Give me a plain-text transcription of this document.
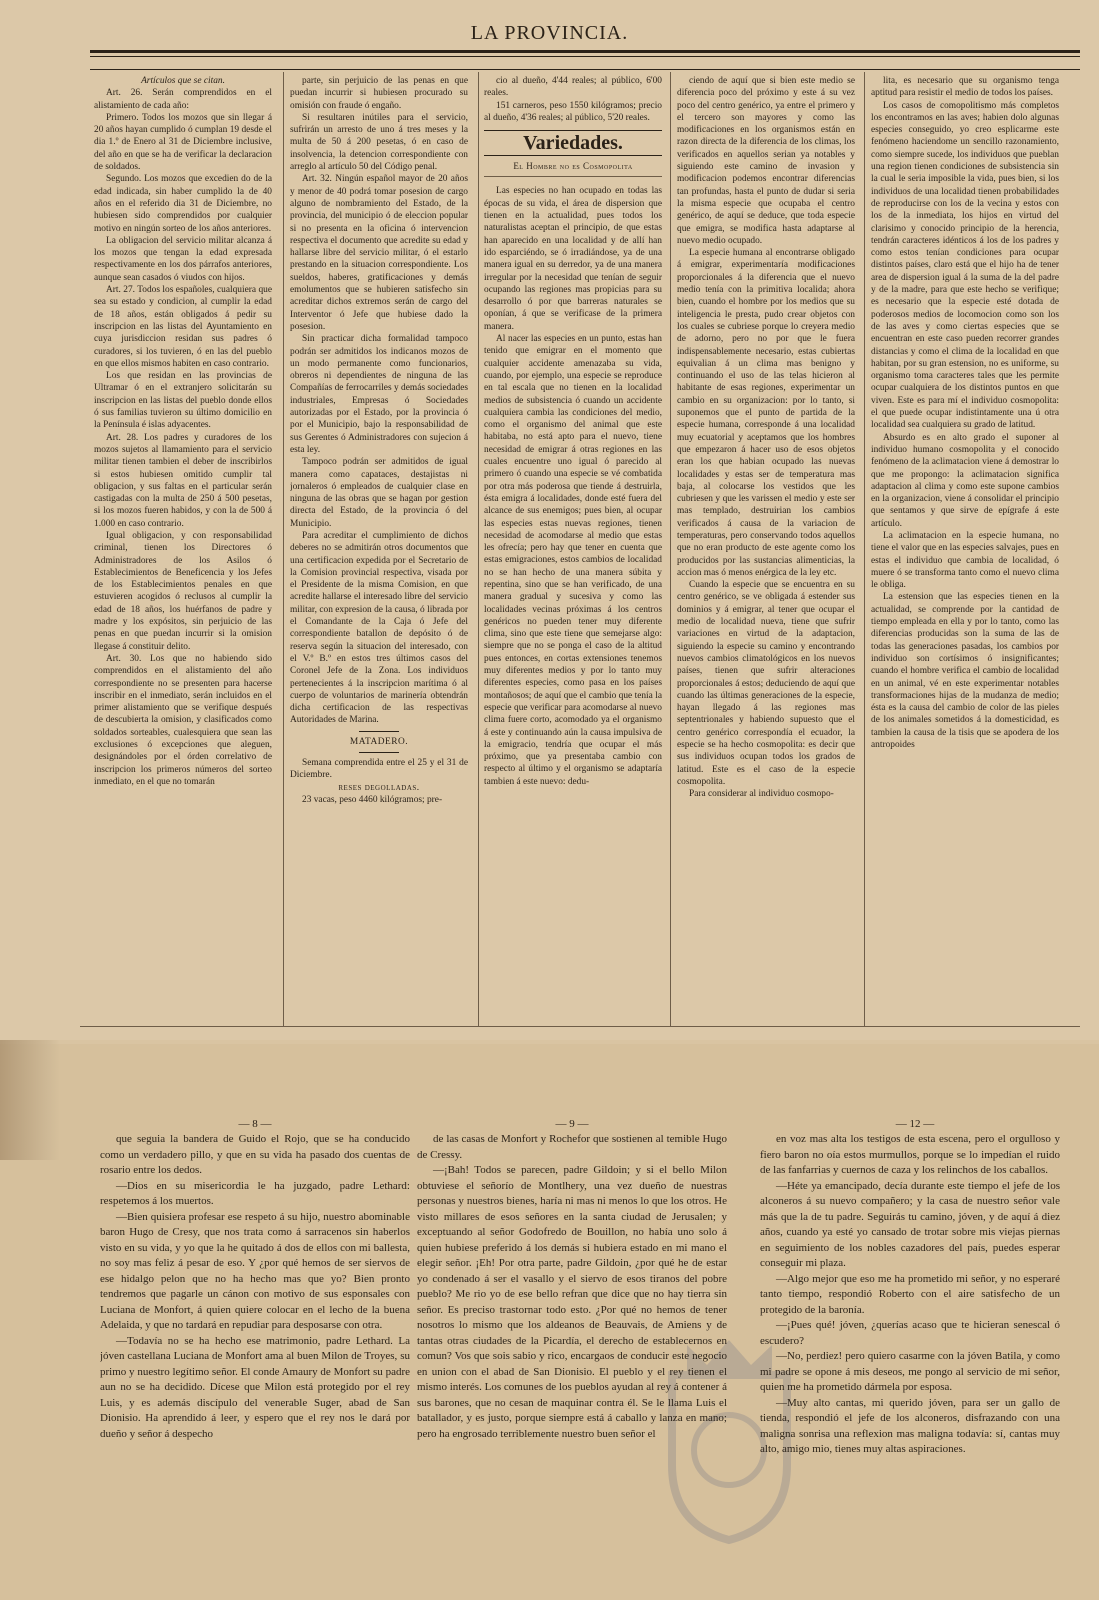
LA PROVINCIA.

Artículos que se citan.

Art. 26. Serán comprendidos en el alistamiento de cada año:

Primero. Todos los mozos que sin llegar á 20 años hayan cumplido ó cumplan 19 desde el dia 1.º de Enero al 31 de Diciembre inclusive, del año en que se ha de verificar la declaracion de soldados.

Segundo. Los mozos que excedien do de la edad indicada, sin haber cumplido la de 40 años en el referido dia 31 de Diciembre, no hubiesen sido comprendidos por cualquier motivo en ningún sorteo de los años anteriores.

La obligacion del servicio militar alcanza á los mozos que tengan la edad expresada respectivamente en los dos párrafos anteriores, aunque sean casados ó viudos con hijos.

Art. 27. Todos los españoles, cualquiera que sea su estado y condicion, al cumplir la edad de 18 años, están obligados á pedir su inscripcion en las listas del Ayuntamiento en cuya jurisdiccion residan sus padres ó curadores, si los tuvieren, ó en las del pueblo en que ellos mismos habiten en caso contrario.

Los que residan en las provincias de Ultramar ó en el extranjero solicitarán su inscripcion en las listas del pueblo donde ellos ó sus familias tuvieron su último domicilio en la Península é islas adyacentes.

Art. 28. Los padres y curadores de los mozos sujetos al llamamiento para el servicio militar tienen tambien el deber de inscribirlos si estos hubiesen omitido cumplir tal obligacion, y sus faltas en el particular serán castigadas con la multa de 250 á 500 pesetas, si los mozos fueren habidos, y con la de 500 á 1.000 en caso contrario.

Igual obligacion, y con responsabilidad criminal, tienen los Directores ó Administradores de los Asilos ó Establecimientos de Beneficencia y los Jefes de los Establecimientos penales en que estuvieren acogidos ó reclusos al cumplir la edad de 18 años, los huérfanos de padre y madre y los expósitos, sin perjuicio de las penas en que puedan incurrir si la omision llegase á constituir delito.

Art. 30. Los que no habiendo sido comprendidos en el alistamiento del año correspondiente no se presenten para hacerse inscribir en el inmediato, serán incluidos en el primer alistamiento que se verifique después de descubierta la omision, y clasificados como soldados sorteables, cualesquiera que sean las exclusiones ó excepciones que aleguen, designándoles por el órden correlativo de inscripcion los primeros números del sorteo inmediato, en el que no tomarán

parte, sin perjuicio de las penas en que puedan incurrir si hubiesen procurado su omisión con fraude ó engaño.

Si resultaren inútiles para el servicio, sufrirán un arresto de uno á tres meses y la multa de 50 á 200 pesetas, ó en caso de insolvencia, la detencion correspondiente con arreglo al artículo 50 del Código penal.

Art. 32. Ningún español mayor de 20 años y menor de 40 podrá tomar posesion de cargo alguno de nombramiento del Estado, de la provincia, del municipio ó de eleccion popular si no presenta en la oficina ó intervencion respectiva el documento que acredite su edad y hallarse libre del servicio militar, ó el estarlo prestando en la situacion correspondiente. Los sueldos, haberes, gratificaciones y demás emolumentos que se hubieren satisfecho sin acreditar dichos extremos serán de cargo del Interventor ó Jefe que hubiese dado la posesion.

Sin practicar dicha formalidad tampoco podrán ser admitidos los indicanos mozos de un modo permanente como funcionarios, obreros ni dependientes de ninguna de las Compañías de ferrocarriles y demás sociedades industriales, Empresas ó Sociedades autorizadas por el Estado, por la provincia ó por el Municipio, bajo la responsabilidad de sus Gerentes ó Administradores con sujecion á esta ley.

Tampoco podrán ser admitidos de igual manera como capataces, destajistas ni jornaleros ó empleados de cualquier clase en ninguna de las obras que se hagan por gestion directa del Estado, de la provincia ó del Municipio.

Para acreditar el cumplimiento de dichos deberes no se admitirán otros documentos que una certificacion expedida por el Secretario de la Comision provincial respectiva, visada por el Presidente de la misma Comision, en que acredite hallarse el interesado libre del servicio militar, con expresion de la causa, ó librada por el Comandante de la Caja ó Jefe del correspondiente batallon de depósito ó de reserva según la situacion del interesado, con el V.º B.º en estos tres últimos casos del Coronel Jefe de la Zona. Los individuos pertenecientes á la inscripcion marítima ó al cuerpo de voluntarios de marinería obtendrán dicha certificacion de las respectivas Autoridades de Marina.

MATADERO.

Semana comprendida entre el 25 y el 31 de Diciembre.

reses degolladas.

23 vacas, peso 4460 kilógramos; pre-

cio al dueño, 4'44 reales; al público, 6'00 reales.

151 carneros, peso 1550 kilógramos; precio al dueño, 4'36 reales; al público, 5'20 reales.

Variedades.

El Hombre no es Cosmopolita

Las especies no han ocupado en todas las épocas de su vida, el área de dispersion que tienen en la actualidad, pues todos los naturalistas aceptan el principio, de que estas han aparecido en una localidad y de allí han ido esparciéndo, se ó irradiándose, ya de una manera igual en su derredor, ya de una manera irregular por la necesidad que tenían de seguir ocupando las regiones mas propicias para su desarrollo ó por que barreras naturales se oponían, á que se verificase de la primera manera.

Al nacer las especies en un punto, estas han tenido que emigrar en el momento que cualquier accidente amenazaba su vida, cuando, por ejemplo, una especie se reproduce en tal escala que no tienen en la localidad medios de subsistencia ó cuando un accidente cualquiera cambia las condiciones del medio, como el organismo del animal que este habitaba, no está apto para el nuevo, tiene necesidad de emigrar á otras regiones en las cuales encuentre uno igual ó parecido al primero ó cuando una especie se vé combatida por otra más poderosa que tiende á destruirla, ésta emigra á localidades, donde esté fuera del alcance de sus enemigos; pues bien, al ocupar las especies estas nuevas regiones, tienen necesidad de acomodarse al medio que estas les ofrecía; pero hay que tener en cuenta que estas emigraciones, estos cambios de localidad no se han hecho de una manera súbita y repentina, sino que se han verificado, de una manera gradual y sucesiva y como las localidades vecinas próximas á los centros genéricos no pueden tener muy diferente clima, sino que este tiene que semejarse algo: siempre que no se ponga el caso de la altitud pues entonces, en cortas extensiones tenemos muy diferentes medios y por lo tanto muy diferentes especies, como pasa en los países montañosos; de aquí que el cambio que tenía la especie que verificar para acomodarse al nuevo clima fuere corto, acomodado ya el organismo á este y continuando aún la causa impulsiva de la emigracio, tendría que ocupar el más próximo, que ya presentaba cambio con respecto al último y el organismo se adaptaría tambien á este nuevo: dedu-

ciendo de aquí que si bien este medio se diferencia poco del próximo y este á su vez poco del centro genérico, ya entre el primero y el tercero son mayores y como las modificaciones en los organismos están en razon directa de la diferencia de los climas, los verificados en aquellos serian ya notables y siguiendo este camino de invasion y modificacion podemos encontrar diferencias tan profundas, hasta el punto de dudar si seria la misma especie que ocupaba el centro genérico, de aquí se deduce, que toda especie que emigra, se modifica hasta adaptarse al nuevo medio ocupado.

La especie humana al encontrarse obligado á emigrar, experimentaría modificaciones proporcionales á la diferencia que el nuevo medio tenía con la primitiva localida; ahora bien, cuando el hombre por los medios que su inteligencia le presta, pudo crear objetos con los cuales se cubriese porque lo creyera medio de adorno, pero no por que le fuera indispensablemente necesario, estas cubiertas equivalian á un clima mas benigno y continuando el uso de las telas hicieron al habitante de esas regiones, experimentar un cambio en su organizacion: por lo tanto, si suponemos que el punto de partida de la especie humana, corresponde á una localidad muy ecuatorial y aceptamos que los hombres que empezaron á hacer uso de esos objetos eran los que habian ocupado las nuevas localidades y estas ser de temperatura mas baja, al colocarse los vestidos que les cubriesen y que les varissen el medio y este ser mas templado, destruirian los cambios verificados á causa de la variacion de temperaturas, pero conservando todos aquellos que no eran producto de este agente como los producidos por las sustancias alimenticias, la accion mas ó menos enérgica de la ley etc.

Cuando la especie que se encuentra en su centro genérico, se ve obligada á estender sus dominios y á emigrar, al tener que ocupar el medio de localidad nueva, tiene que sufrir variaciones en virtud de la adaptacion, siguiendo la especie su camino y encontrando nuevos cambios climatológicos en los nuevos países, tienen que sufrir alteraciones proporcionales á estos; deduciendo de aquí que cuando las últimas generaciones de la especie, hayan llegado á las regiones mas septentrionales y habiendo supuesto que el centro genérico correspondía el ecuador, la especie se ha hecho cosmopolita: es decir que sus individuos ocupan todos los grados de latitud. Este es el caso de la especie cosmopolita.

Para considerar al individuo cosmopo-

lita, es necesario que su organismo tenga aptitud para resistir el medio de todos los países.

Los casos de comopolitismo más completos los encontramos en las aves; habien dolo algunas especies conseguido, yo creo esplicarme este fenómeno haciendome un sencillo razonamiento, como siempre sucede, los individuos que pueblan una region tienen condiciones de subsistencia sin la cual le seria imposible la vida, pues bien, si los individuos de una localidad tienen probabilidades de reproducirse con los de la vecina y estos con los de la inmediata, los hijos en virtud del clarisimo y conocido principio de la herencia, tendrán caracteres idénticos á los de los padres y como estos tenían condiciones para ocupar distintos países, claro está que el hijo ha de tener area de dispersion igual á la suma de la del padre y de la madre, para que este hecho se verifique; es necesario que la especie esté dotada de poderosos medios de locomocion como son los de las aves y como ciertas especies que se encuentran en este caso pueden recorrer grandes distancias y como el clima de la localidad en que habitan, por su gran estension, no es uniforme, su organismo toma caracteres tales que les permite ocupar cualquiera de los distintos puntos en que viven. Este es para mí el individuo cosmopolita: el que puede ocupar indistintamente una ú otra localidad sea cualquiera su grado de latitud.

Absurdo es en alto grado el suponer al individuo humano cosmopolita y el conocido fenómeno de la aclimatacion viene á demostrar lo que me propongo: la aclimatacion significa adaptacion al clima y como este supone cambios en la organizacion, viene á consolidar el principio que sentamos y que sirve de epígrafe á este artículo.

La aclimatacion en la especie humana, no tiene el valor que en las especies salvajes, pues en estas el individuo que cambia de localidad, ó muere ó se transforma tanto como el nuevo clima le obliga.

La estension que las especies tienen en la actualidad, se comprende por la cantidad de tiempo empleada en ella y por lo tanto, como las diferencias producidas son la suma de las de todas las generaciones pasadas, los cambios por individuo son cortísimos ó insignificantes; cuando el hombre verifica el cambio de localidad en un animal, vé en este experimentar notables transformaciones hijas de la mudanza de medio; ésta es la causa del cambio de color de las pieles de los animales sometidos á la domesticidad, es tambien la causa de la tisis que se apodera de los antropoides

— 8 —

que seguia la bandera de Guido el Rojo, que se ha conducido como un verdadero pillo, y que en su vida ha pasado dos cuentas de rosario entre los dedos.

—Dios en su misericordia le ha juzgado, padre Lethard: respetemos á los muertos.

—Bien quisiera profesar ese respeto á su hijo, nuestro abominable baron Hugo de Cresy, que nos trata como á sarracenos sin haberlos visto en su vida, y yo que la he quitado á dos de ellos con mi ballesta, no soy mas feliz á pesar de eso. Y ¿por qué hemos de ser siervos de ese hidalgo pelon que no ha hecho mas que yo? Bien pronto tendremos que pagarle un cánon con motivo de sus esponsales con Luciana de Monfort, á quien quiere colocar en el lecho de la buena Adelaida, y que no tardará en repudiar para desposarse con otra.

—Todavía no se ha hecho ese matrimonio, padre Lethard. La jóven castellana Luciana de Monfort ama al buen Milon de Troyes, su primo y nuestro legítimo señor. El conde Amaury de Monfort su padre aun no se ha decidido. Dícese que Milon está protegido por el rey Luis, y es además discípulo del venerable Suger, abad de San Dionisio. Ha aprendido á leer, y espero que el rey nos le dará por dueño y señor á despecho

— 9 —

de las casas de Monfort y Rochefor que sostienen al temible Hugo de Cressy.

—¡Bah! Todos se parecen, padre Gildoin; y si el bello Milon obtuviese el señorío de Montlhery, una vez dueño de nuestras personas y nuestros bienes, haría ni mas ni menos lo que los otros. He visto millares de esos señores en la santa ciudad de Jerusalen; y exceptuando al señor Godofredo de Bouillon, no había uno solo á quien hubiese preferido á los demás si hubiera estado en mi mano el elegir señor. ¡Eh! Por otra parte, padre Gildoin, ¿por qué he de estar yo condenado á ser el vasallo y el siervo de esos tiranos del pobre pueblo? Me rio yo de ese bello refran que dice que no hay tierra sin señor. Es preciso trastornar todo esto. ¿Por qué no hemos de tener nosotros lo mismo que los aldeanos de Beauvais, de Amiens y de tantas otras ciudades de la Picardía, el derecho de establecernos en comun? Vos que sois sabio y rico, encargaos de conducir este negocio en union con el abad de San Dionisio. El pueblo y el rey tienen el mismo interés. Los comunes de los pueblos ayudan al rey á contener á sus barones, que no cesan de maquinar contra él. Se le llama Luis el batallador, y es justo, porque siempre está á caballo y lanza en mano; pero ha engrosado terriblemente nuestro buen señor el

— 12 —

en voz mas alta los testigos de esta escena, pero el orgulloso y fiero baron no oía estos murmullos, porque se lo impedían el ruido de las fanfarrias y cuernos de caza y los relinchos de los caballos.

—Héte ya emancipado, decía durante este tiempo el jefe de los alconeros á su nuevo compañero; y la casa de nuestro señor vale más que la de tu padre. Seguirás tu camino, jóven, y de aquí á diez años, cuando ya esté yo cansado de trotar sobre mis viejas piernas en seguimiento de los nobles cazadores del país, puedes esperar conseguir mi plaza.

—Algo mejor que eso me ha prometido mi señor, y no esperaré tanto tiempo, respondió Roberto con el aire satisfecho de un protegido de la baronía.

—¡Pues qué! jóven, ¿querías acaso que te hicieran senescal ó escudero?

—No, perdiez! pero quiero casarme con la jóven Batila, y como mi padre se opone á mis deseos, me pongo al servicio de mi señor, quien me ha prometido dármela por esposa.

—Muy alto cantas, mi querido jóven, para ser un gallo de tienda, respondió el jefe de los alconeros, disfrazando con una maligna sonrisa una reflexion mas maligna todavía: sí, cantas muy alto, amigo mio, tienes muy altas aspiraciones.
